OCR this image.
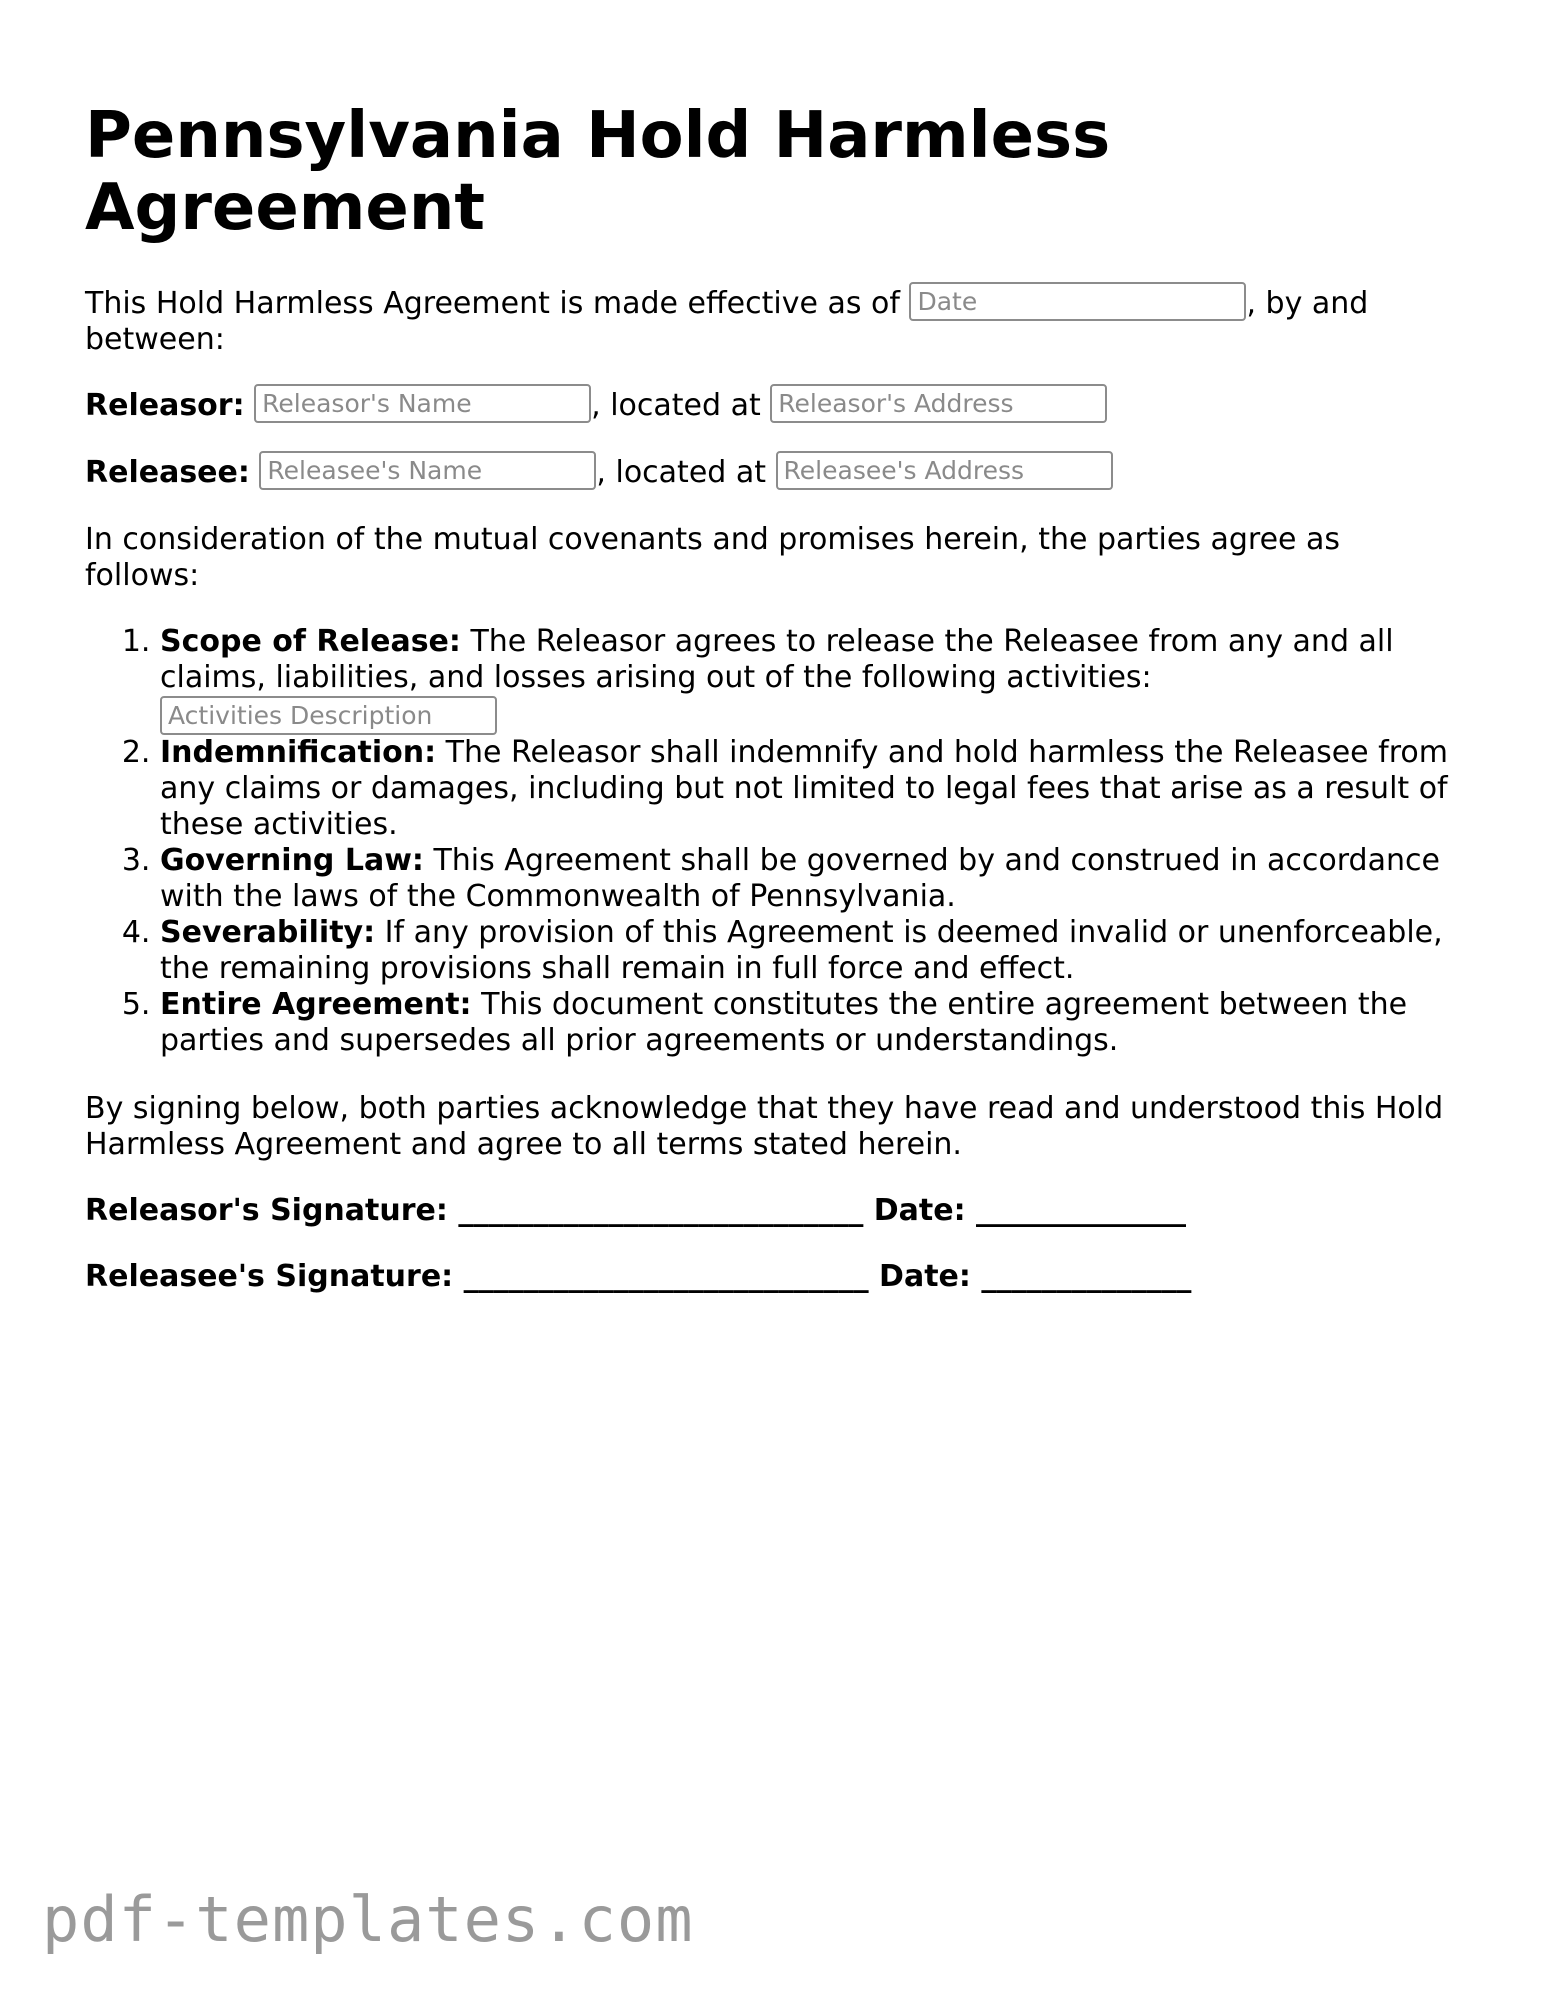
Pennsylvania Hold Harmless Agreement

This Hold Harmless Agreement is made effective as of Date	, by and between:

Releasor: Releasor's Name	, located at Releasor's Address
Releasee: Releasee's Name	, located at Releasee's Address

In consideration of the mutual covenants and promises herein, the parties agree as follows:

1. Scope of Release: The Releasor agrees to release the Releasee from any and all claims, liabilities, and losses arising out of the following activities: Activities Description
2. Indemnification: The Releasor shall indemnify and hold harmless the Releasee from any claims or damages, including but not limited to legal fees that arise as a result of these activities.
3. Governing Law: This Agreement shall be governed by and construed in accordance with the laws of the Commonwealth of Pennsylvania.
4. Severability: If any provision of this Agreement is deemed invalid or unenforceable, the remaining provisions shall remain in full force and effect.
5. Entire Agreement: This document constitutes the entire agreement between the parties and supersedes all prior agreements or understandings.

By signing below, both parties acknowledge that they have read and understood this Hold Harmless Agreement and agree to all terms stated herein.

Releasor's Signature: ___________________________ Date: ______________
Releasee's Signature: ___________________________ Date: ______________
pdf-templates.com
